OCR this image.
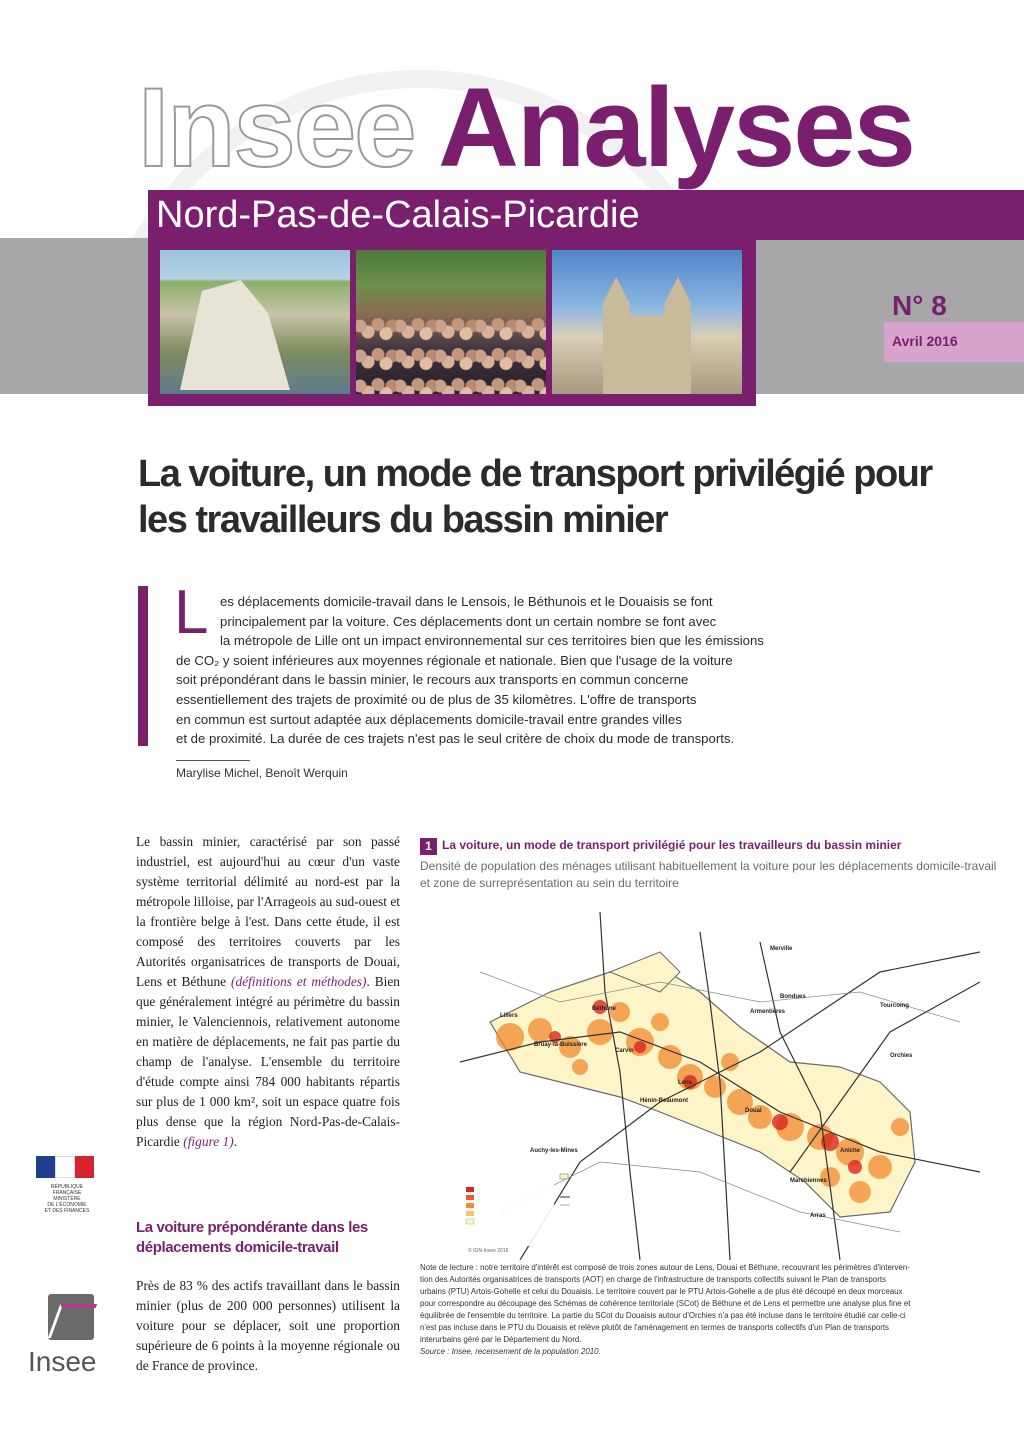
Insee Analyses
Nord-Pas-de-Calais-Picardie
N° 8
Avril 2016
La voiture, un mode de transport privilégié pour les travailleurs du bassin minier
L es déplacements domicile-travail dans le Lensois, le Béthunois et le Douaisis se font
principalement par la voiture. Ces déplacements dont un certain nombre se font avec
la métropole de Lille ont un impact environnemental sur ces territoires bien que les émissions
de CO₂ y soient inférieures aux moyennes régionale et nationale. Bien que l'usage de la voiture
soit prépondérant dans le bassin minier, le recours aux transports en commun concerne
essentiellement des trajets de proximité ou de plus de 35 kilomètres. L'offre de transports
en commun est surtout adaptée aux déplacements domicile-travail entre grandes villes
et de proximité. La durée de ces trajets n'est pas le seul critère de choix du mode de transports.
Marylise Michel, Benoît Werquin

Le bassin minier, caractérisé par son passé industriel, est aujourd'hui au cœur d'un vaste système territorial délimité au nord-est par la métropole lilloise, par l'Arrageois au sud-ouest et la frontière belge à l'est. Dans cette étude, il est composé des territoires couverts par les Autorités organisatrices de transports de Douai, Lens et Béthune (définitions et méthodes). Bien que généralement intégré au périmètre du bassin minier, le Valenciennois, relativement autonome en matière de déplacements, ne fait pas partie du champ de l'analyse. L'ensemble du territoire d'étude compte ainsi 784 000 habitants répartis sur plus de 1 000 km², soit un espace quatre fois plus dense que la région Nord-Pas-de-Calais-Picardie (figure 1).

La voiture prépondérante dans les déplacements domicile-travail

Près de 83 % des actifs travaillant dans le bassin minier (plus de 200 000 personnes) utilisent la voiture pour se déplacer, soit une proportion supérieure de 6 points à la moyenne régionale ou de France de province.

RÉPUBLIQUE FRANÇAISE
MINISTÈRE
DE L'ÉCONOMIE
ET DES FINANCES
Insee
1 La voiture, un mode de transport privilégié pour les travailleurs du bassin minier
Densité de population des ménages utilisant habituellement la voiture pour les déplacements domicile-travail et zone de surreprésentation au sein du territoire
Merville
Bondues
Armentières
Tourcoing
Bruay-la-Buissière
Béthune
Lens
Douai
Auchy-les-Mines
Orchies
Aniche
Marchiennes
Hénin-Beaumont
Carvin
Lillers
Arras
© IGN-Insee 2016
Note de lecture : notre territoire d'intérêt est composé de trois zones autour de Lens, Douai et Béthune, recouvrant les périmètres d'interven-
tion des Autorités organisatrices de transports (AOT) en charge de l'infrastructure de transports collectifs suivant le Plan de transports
urbains (PTU) Artois-Gohelle et celui du Douaisis. Le territoire couvert par le PTU Artois-Gohelle a de plus été découpé en deux morceaux
pour correspondre au découpage des Schémas de cohérence territoriale (SCot) de Béthune et de Lens et permettre une analyse plus fine et
équilibrée de l'ensemble du territoire. La partie du SCot du Douaisis autour d'Orchies n'a pas été incluse dans le territoire étudié car celle-ci
n'est pas incluse dans le PTU du Douaisis et relève plutôt de l'aménagement en termes de transports collectifs d'un Plan de transports
interurbains géré par le Département du Nord.
Source : Insee, recensement de la population 2010.
